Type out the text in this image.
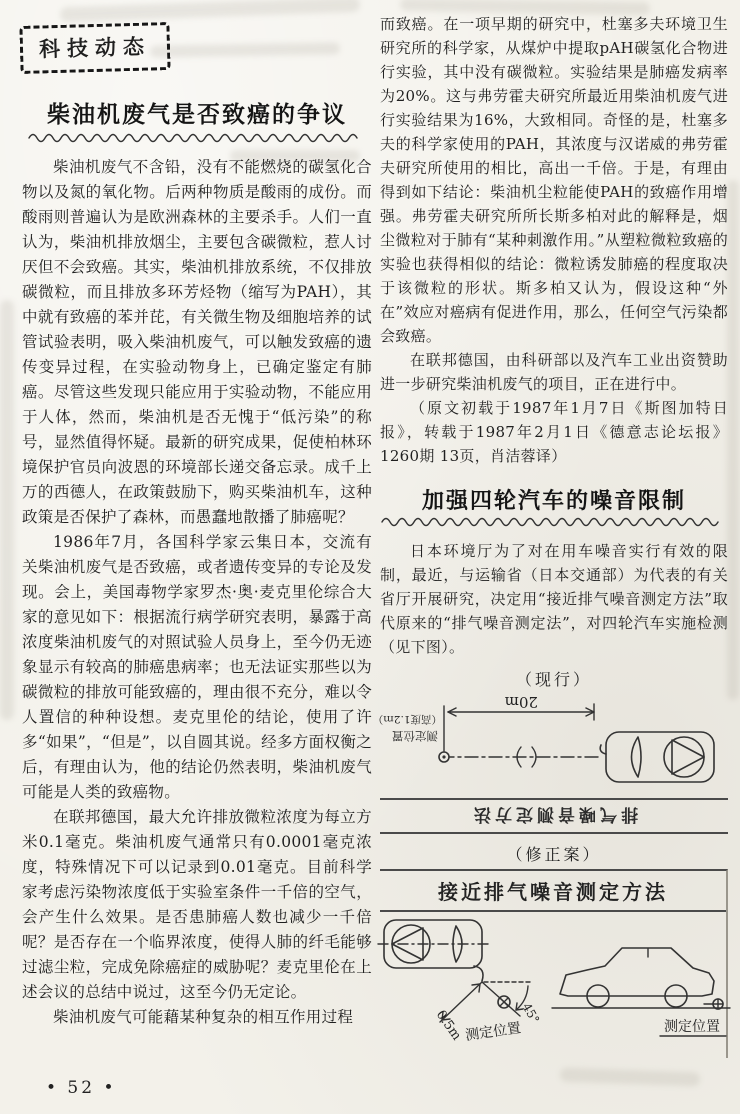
科技动态
柴油机废气是否致癌的争议

柴油机废气不含铅，没有不能燃烧的碳氢化合物以及氮的氧化物。后两种物质是酸雨的成份。而酸雨则普遍认为是欧洲森林的主要杀手。人们一直认为，柴油机排放烟尘，主要包含碳微粒，惹人讨厌但不会致癌。其实，柴油机排放系统，不仅排放碳微粒，而且排放多环芳烃物（缩写为PAH），其中就有致癌的苯并芘，有关微生物及细胞培养的试管试验表明，吸入柴油机废气，可以触发致癌的遗传变异过程，在实验动物身上，已确定鉴定有肺癌。尽管这些发现只能应用于实验动物，不能应用于人体，然而，柴油机是否无愧于“低污染”的称号，显然值得怀疑。最新的研究成果，促使柏林环境保护官员向波恩的环境部长递交备忘录。成千上万的西德人，在政策鼓励下，购买柴油机车，这种政策是否保护了森林，而愚蠢地散播了肺癌呢？

1986年7月，各国科学家云集日本，交流有关柴油机废气是否致癌，或者遗传变异的专论及发现。会上，美国毒物学家罗杰·奥·麦克里伦综合大家的意见如下：根据流行病学研究表明，暴露于高浓度柴油机废气的对照试验人员身上，至今仍无迹象显示有较高的肺癌患病率；也无法证实那些以为碳微粒的排放可能致癌的，理由很不充分，难以令人置信的种种设想。麦克里伦的结论，使用了许多“如果”，“但是”，以自圆其说。经多方面权衡之后，有理由认为，他的结论仍然表明，柴油机废气可能是人类的致癌物。

在联邦德国，最大允许排放微粒浓度为每立方米0.1毫克。柴油机废气通常只有0.0001毫克浓度，特殊情况下可以记录到0.01毫克。目前科学家考虑污染物浓度低于实验室条件一千倍的空气，会产生什么效果。是否患肺癌人数也减少一千倍呢？是否存在一个临界浓度，使得人肺的纤毛能够过滤尘粒，完成免除癌症的威胁呢？麦克里伦在上述会议的总结中说过，这至今仍无定论。

柴油机废气可能藉某种复杂的相互作用过程

而致癌。在一项早期的研究中，杜塞多夫环境卫生研究所的科学家，从煤炉中提取pAH碳氢化合物进行实验，其中没有碳微粒。实验结果是肺癌发病率为20%。这与弗劳霍夫研究所最近用柴油机废气进行实验结果为16%，大致相同。奇怪的是，杜塞多夫的科学家使用的PAH，其浓度与汉诺威的弗劳霍夫研究所使用的相比，高出一千倍。于是，有理由得到如下结论：柴油机尘粒能使PAH的致癌作用增强。弗劳霍夫研究所所长斯多柏对此的解释是，烟尘微粒对于肺有“某种刺激作用。”从塑粒微粒致癌的实验也获得相似的结论：微粒诱发肺癌的程度取决于该微粒的形状。斯多柏又认为，假设这种“外在”效应对癌病有促进作用，那么，任何空气污染都会致癌。

在联邦德国，由科研部以及汽车工业出资赞助进一步研究柴油机废气的项目，正在进行中。

（原文初载于1987年1月7日《斯图加特日报》，转载于1987年2月1日《德意志论坛报》1260期 13页，肖洁蓉译）

加强四轮汽车的噪音限制

日本环境厅为了对在用车噪音实行有效的限制，最近，与运输省（日本交通部）为代表的有关省厅开展研究，决定用“接近排气噪音测定方法”取代原来的“排气噪音测定法”，对四轮汽车实施检测（见下图）。

（现行）
20m
测定位置
（高度1.2ｍ）
排气噪音测定方法
（修正案）
接近排气噪音测定方法
0.5m	45°
测定位置	测定位置
• 52 •
